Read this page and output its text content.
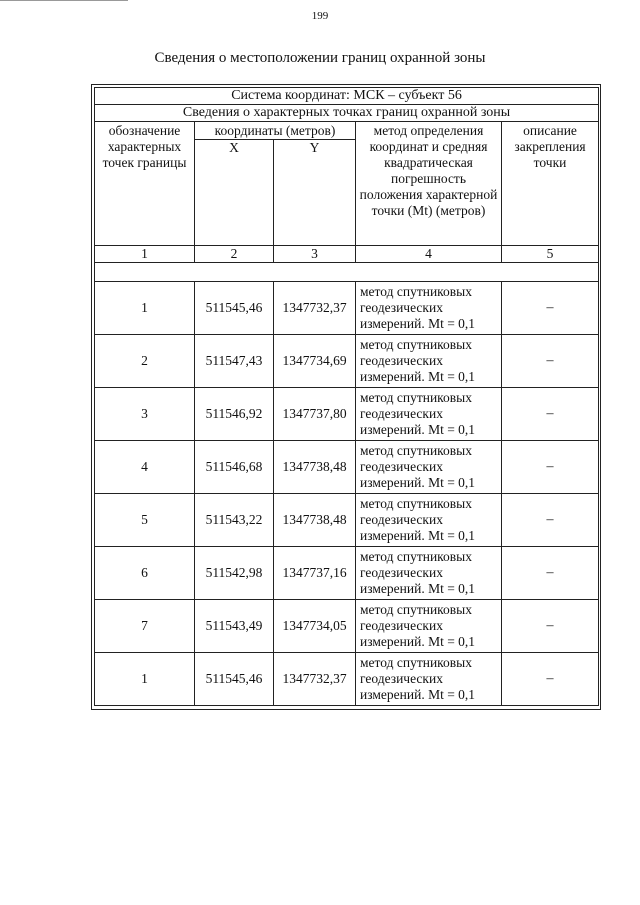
199
Сведения о местоположении границ охранной зоны
Система координат: МСК – субъект 56				
Сведения о характерных точках границ охранной зоны				
обозначение характерных точек границы	координаты (метров)		метод определения координат и средняя квадратическая погрешность положения характерной точки (Mt) (метров)	описание закрепления точки
	X	Y		
1	2	3	4	5

1	511545,46	1347732,37	метод спутниковых геодезических измерений. Mt = 0,1	–
2	511547,43	1347734,69	метод спутниковых геодезических измерений. Mt = 0,1	–
3	511546,92	1347737,80	метод спутниковых геодезических измерений. Mt = 0,1	–
4	511546,68	1347738,48	метод спутниковых геодезических измерений. Mt = 0,1	–
5	511543,22	1347738,48	метод спутниковых геодезических измерений. Mt = 0,1	–
6	511542,98	1347737,16	метод спутниковых геодезических измерений. Mt = 0,1	–
7	511543,49	1347734,05	метод спутниковых геодезических измерений. Mt = 0,1	–
1	511545,46	1347732,37	метод спутниковых геодезических измерений. Mt = 0,1	–
